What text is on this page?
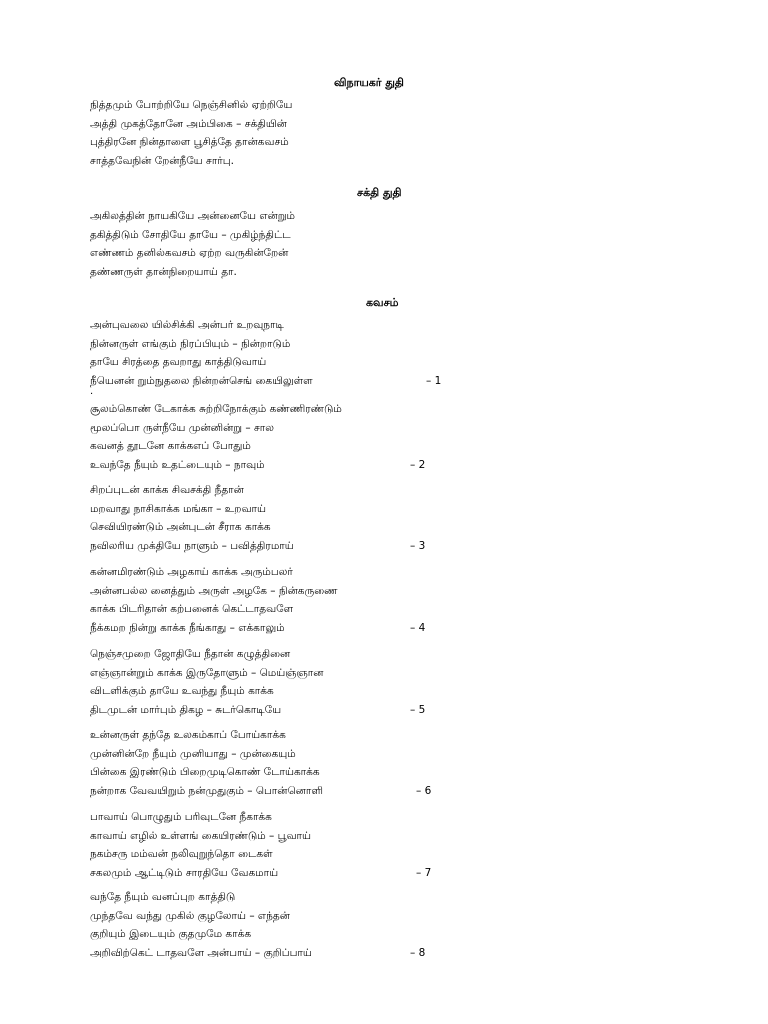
விநாயகர் துதி
நித்தமும் போற்றியே நெஞ்சினில் ஏற்றியே
அத்தி முகத்தோனே அம்பிகை – சக்தியின்
புத்திரனே நின்தாளை பூசித்தே தான்கவசம்
சாத்தவேநின் றேன்நீயே சார்பு.
சக்தி துதி
அகிலத்தின் நாயகியே அன்னையே என்றும்
தகித்திடும் சோதியே தாயே – முகிழ்ந்திட்ட
எண்ணம் தனில்கவசம் ஏற்ற வருகின்றேன்
தண்ணருள் தான்நிறையாய் தா.
கவசம்
அன்புவலை யில்சிக்கி அன்பர் உறவுநாடி
நின்னருள் எங்கும் நிரப்பியும் – நின்றாடும்
தாயே சிரத்தை தவறாது காத்திடுவாய்
நீயெனன் றும்நுதலை நின்றன்செங் கையிலுள்ள	– 1
.
சூலம்கொண் டேகாக்க சுற்றிநோக்கும் கண்ணிரண்டும்
மூலப்பொ ருள்நீயே முன்னின்று – சால
கவனத் தூடனே காக்கஎப் போதும்
உவந்தே நீயும் உதட்டையும் – நாவும்	– 2
சிறப்புடன் காக்க சிவசக்தி நீதான்
மறவாது நாசிகாக்க மங்கா – உறவாய்
செவியிரண்டும் அன்புடன் சீராக காக்க
நவிலரிய முக்தியே நாளும் – பவித்திரமாய்	– 3
கன்னமிரண்டும் அழகாய் காக்க அரும்பலர்
அன்னபல்ல னைத்தும் அருள் அழகே – நின்கருணை
காக்க பிடரிதான் கற்பனைக் கெட்டாதவளே
நீக்கமற நின்று காக்க நீங்காது – எக்காலும்	– 4
நெஞ்சமுறை ஜோதியே நீதான் கழுத்தினை
எஞ்ஞான்றும் காக்க இருதோளும் – மெய்ஞ்ஞான
விடளிக்கும் தாயே உவந்து நீயும் காக்க
திடமுடன் மார்பும் திகழ – சுடர்கொடியே	– 5
உன்னருள் தந்தே உலகம்காப் போய்காக்க
முன்னின்றே நீயும் முனியாது – முன்கையும்
பின்கை இரண்டும் பிறைமுடிகொண் டோய்காக்க
நன்றாக வேவயிறும் நன்முதுகும் – பொன்னொளி	– 6
பாவாய் பொழுதும் பரிவுடனே நீகாக்க
காவாய் எழில் உள்ளங் கையிரண்டும் – பூவாய்
நகம்சரு மம்வன் நலிவுறுந்தொ டைகள்
சகலமும் ஆட்டிடும் சாரதியே வேகமாய்	– 7
வந்தே நீயும் வனப்புற காத்திடு
முந்தவே வந்து முகில் குழலோய் – எந்தன்
குறியும் இடையும் குதமுமே காக்க
அறிவிற்கெட் டாதவளே அன்பாய் – குறிப்பாய்	– 8
